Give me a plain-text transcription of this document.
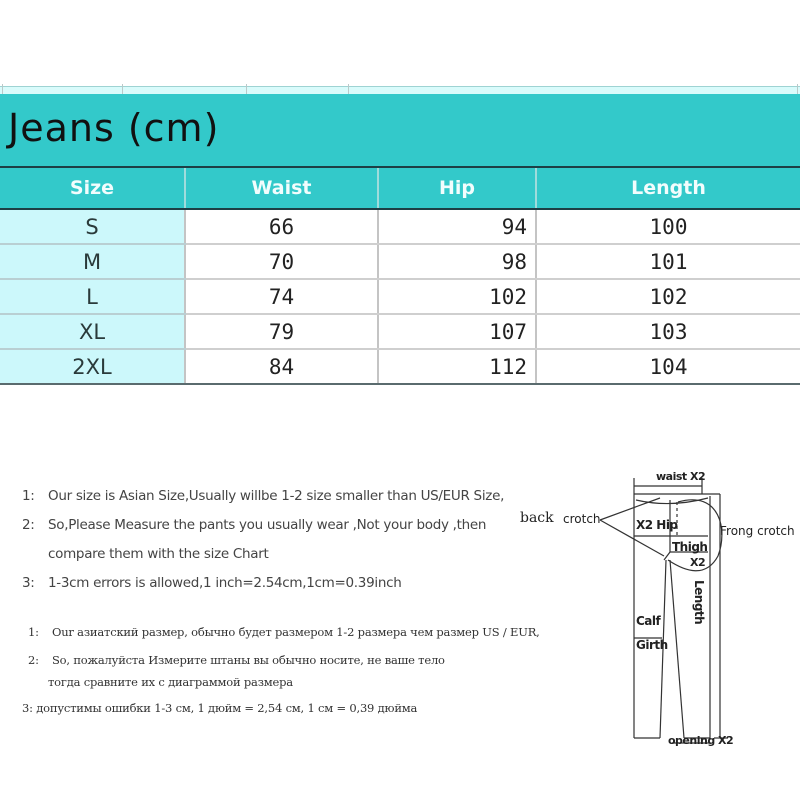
Jeans (cm)
Size	Waist	Hip	Length
S	66	94	100
M	70	98	101
L	74	102	102
XL	79	107	103
2XL	84	112	104
1: Our size is Asian Size,Usually willbe 1-2 size smaller than US/EUR Size,
2: So,Please Measure the pants you usually wear ,Not your body ,then
compare them with the size Chart
3: 1-3cm errors is allowed,1 inch=2.54cm,1cm=0.39inch
1: Our азиатский размер, обычно будет размером 1-2 размера чем размер US / EUR,
2: So, пожалуйста Измерите штаны вы обычно носите, не ваше тело
тогда сравните их с диаграммой размера
3: допустимы ошибки 1-3 см, 1 дюйм = 2,54 см, 1 см = 0,39 дюйма
waist X2
back crotch	X2 Hip
Thigh
X2
Frong crotch
Length
Calf
Girth
opening X2
